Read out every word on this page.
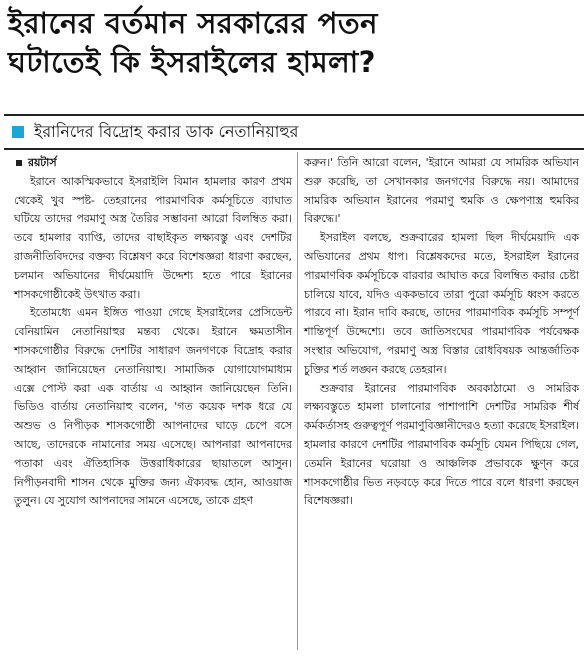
ইরানের বর্তমান সরকারের পতন
ঘটাতেই কি ইসরাইলের হামলা?
ইরানিদের বিদ্রোহ করার ডাক নেতানিয়াহুর

রয়টার্স

ইরানে আকস্মিকভাবে ইসরাইলি বিমান হামলার কারণ প্রথম থেকেই খুব স্পষ্ট- তেহরানের পারমাণবিক কর্মসূচিতে ব্যাঘাত ঘটিয়ে তাদের পরমাণু অস্ত্র তৈরির সম্ভাবনা আরো বিলম্বিত করা। তবে হামলার ব্যাপ্তি, তাদের বাছাইকৃত লক্ষ্যবস্তু এবং দেশটির রাজনীতিবিদদের বক্তব্য বিশ্লেষণ করে বিশেষজ্ঞরা ধারণা করছেন, চলমান অভিযানের দীর্ঘমেয়াদি উদ্দেশ্য হতে পারে ইরানের শাসকগোষ্ঠীকেই উৎখাত করা।

ইতোমধ্যে এমন ইঙ্গিত পাওয়া গেছে ইসরাইলের প্রেসিডেন্ট বেনিয়ামিন নেতানিয়াহুর মন্তব্য থেকে। ইরানে ক্ষমতাসীন শাসকগোষ্ঠীর বিরুদ্ধে দেশটির সাধারণ জনগণকে বিদ্রোহ করার আহ্বান জানিয়েছেন নেতানিয়াহু। সামাজিক যোগাযোগমাধ্যম এক্সে পোস্ট করা এক বার্তায় এ আহ্বান জানিয়েছেন তিনি। ভিডিও বার্তায় নেতানিয়াহু বলেন, 'গত কয়েক দশক ধরে যে অশুভ ও নিপীড়ক শাসকগোষ্ঠী আপনাদের ঘাড়ে চেপে বসে আছে, তাদেরকে নামানোর সময় এসেছে। আপনারা আপনাদের পতাকা এবং ঐতিহাসিক উত্তরাধিকারের ছায়াতলে আসুন। নিপীড়নবাদী শাসন থেকে মুক্তির জন্য ঐক্যবদ্ধ হোন, আওয়াজ তুলুন। যে সুযোগ আপনাদের সামনে এসেছে, তাকে গ্রহণ

করুন।' তিনি আরো বলেন, 'ইরানে আমরা যে সামরিক অভিযান শুরু করেছি, তা সেখানকার জনগণের বিরুদ্ধে নয়। আমাদের সামরিক অভিযান ইরানের পরমাণু হুমকি ও ক্ষেপণাস্ত্র হুমকির বিরুদ্ধে।'

ইসরাইল বলছে, শুক্রবারের হামলা ছিল দীর্ঘমেয়াদি এক অভিযানের প্রথম ধাপ। বিশ্লেষকদের মতে, ইসরাইল ইরানের পারমাণবিক কর্মসূচিকে বারবার আঘাত করে বিলম্বিত করার চেষ্টা চালিয়ে যাবে, যদিও এককভাবে তারা পুরো কর্মসূচি ধ্বংস করতে পারবে না। ইরান দাবি করছে, তাদের পারমাণবিক কর্মসূচি সম্পূর্ণ শান্তিপূর্ণ উদ্দেশ্যে। তবে জাতিসংঘের পারমাণবিক পর্যবেক্ষক সংস্থার অভিযোগ, পরমাণু অস্ত্র বিস্তার রোধবিষয়ক আন্তর্জাতিক চুক্তির শর্ত লঙ্ঘন করছে তেহরান।

শুক্রবার ইরানের পারমাণবিক অবকাঠামো ও সামরিক লক্ষ্যবস্তুতে হামলা চালানোর পাশাপাশি দেশটির সামরিক শীর্ষ কর্মকর্তাসহ গুরুত্বপূর্ণ পরমাণুবিজ্ঞানীদেরও হত্যা করেছে ইসরাইল। হামলার কারণে দেশটির পারমাণবিক কর্মসূচি যেমন পিছিয়ে গেল, তেমনি ইরানের ঘরোয়া ও আঞ্চলিক প্রভাবকে ক্ষুণ্ন করে শাসকগোষ্ঠীর ভিত নড়বড়ে করে দিতে পারে বলে ধারণা করছেন বিশেষজ্ঞরা।
